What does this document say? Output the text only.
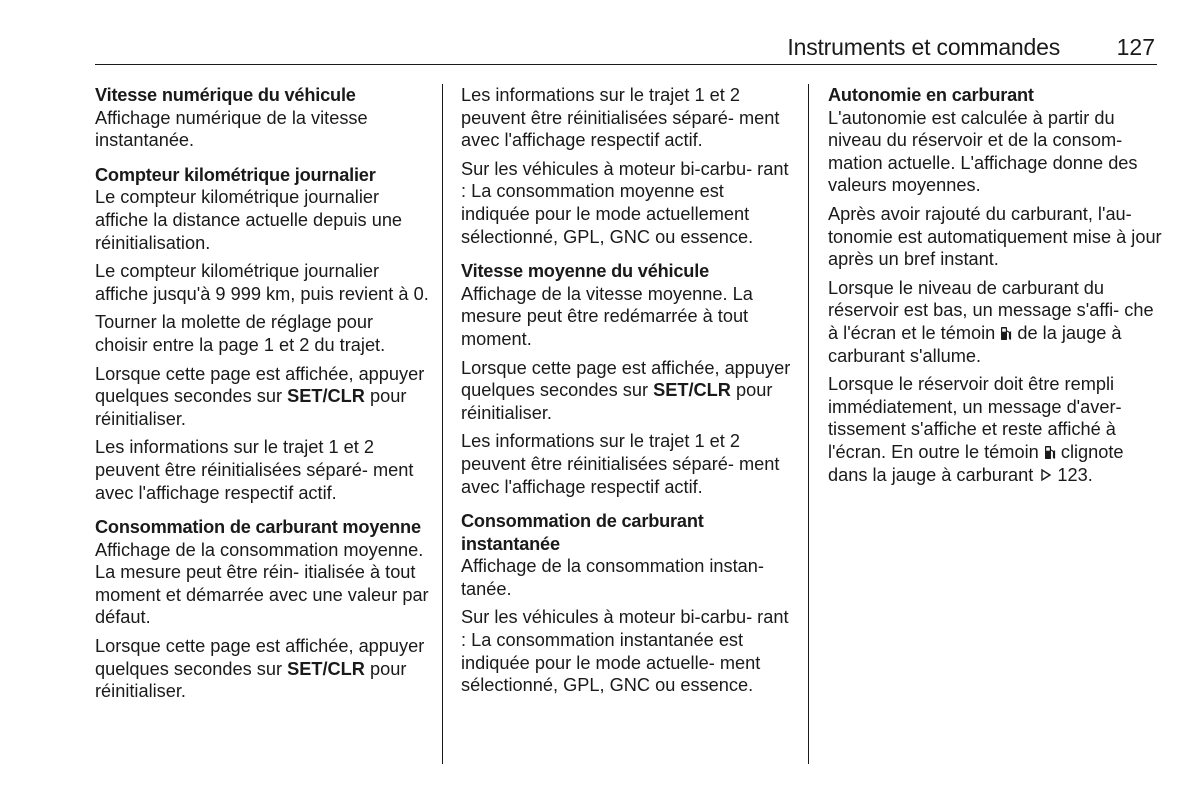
Instruments et commandes 127
Vitesse numérique du véhicule

Affichage numérique de la vitesse instantanée.

Compteur kilométrique journalier

Le compteur kilométrique journalier affiche la distance actuelle depuis une réinitialisation.

Le compteur kilométrique journalier affiche jusqu'à 9 999 km, puis revient à 0.

Tourner la molette de réglage pour choisir entre la page 1 et 2 du trajet.

Lorsque cette page est affichée, appuyer quelques secondes sur SET/CLR pour réinitialiser.

Les informations sur le trajet 1 et 2 peuvent être réinitialisées séparé‐ ment avec l'affichage respectif actif.

Consommation de carburant moyenne

Affichage de la consommation moyenne. La mesure peut être réin‐ itialisée à tout moment et démarrée avec une valeur par défaut.

Lorsque cette page est affichée, appuyer quelques secondes sur SET/CLR pour réinitialiser.

Les informations sur le trajet 1 et 2 peuvent être réinitialisées séparé‐ ment avec l'affichage respectif actif.

Sur les véhicules à moteur bi-carbu‐ rant : La consommation moyenne est indiquée pour le mode actuellement sélectionné, GPL, GNC ou essence.

Vitesse moyenne du véhicule

Affichage de la vitesse moyenne. La mesure peut être redémarrée à tout moment.

Lorsque cette page est affichée, appuyer quelques secondes sur SET/CLR pour réinitialiser.

Les informations sur le trajet 1 et 2 peuvent être réinitialisées séparé‐ ment avec l'affichage respectif actif.

Consommation de carburant instantanée

Affichage de la consommation instan‐ tanée.

Sur les véhicules à moteur bi-carbu‐ rant : La consommation instantanée est indiquée pour le mode actuelle‐ ment sélectionné, GPL, GNC ou essence.

Autonomie en carburant

L'autonomie est calculée à partir du niveau du réservoir et de la consom‐ mation actuelle. L'affichage donne des valeurs moyennes.

Après avoir rajouté du carburant, l'au‐ tonomie est automatiquement mise à jour après un bref instant.

Lorsque le niveau de carburant du réservoir est bas, un message s'affi‐ che à l'écran et le témoin  de la jauge à carburant s'allume.

Lorsque le réservoir doit être rempli immédiatement, un message d'aver‐ tissement s'affiche et reste affiché à l'écran. En outre le témoin  clignote dans la jauge à carburant  123.
